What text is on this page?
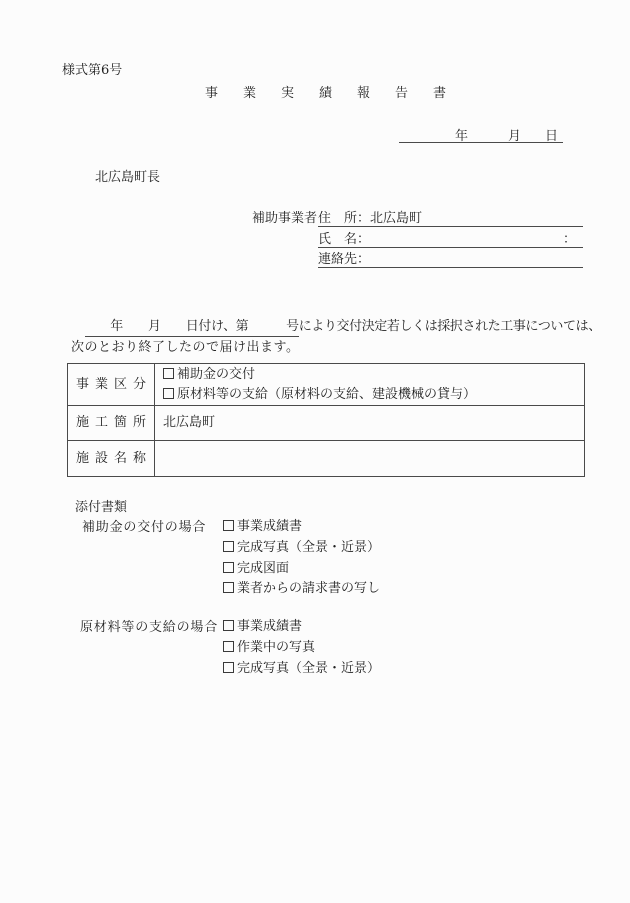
様式第6号
事業実績報告書
年	月 日
北広島町長
補助事業者 住　所：北広島町
氏　名：	：
連絡先：
　　年　　月　　日付け、第　　　号により交付決定若しくは採択された工事については、
次のとおり終了したので届け出ます。
事業区分	補助金の交付
原材料等の支給（原材料の支給、建設機械の貸与）

施工箇所	北広島町
施設名称	
添付書類
補助金の交付の場合	事業成績書
完成写真（全景・近景）
完成図面
業者からの請求書の写し
原材料等の支給の場合	事業成績書
作業中の写真
完成写真（全景・近景）
